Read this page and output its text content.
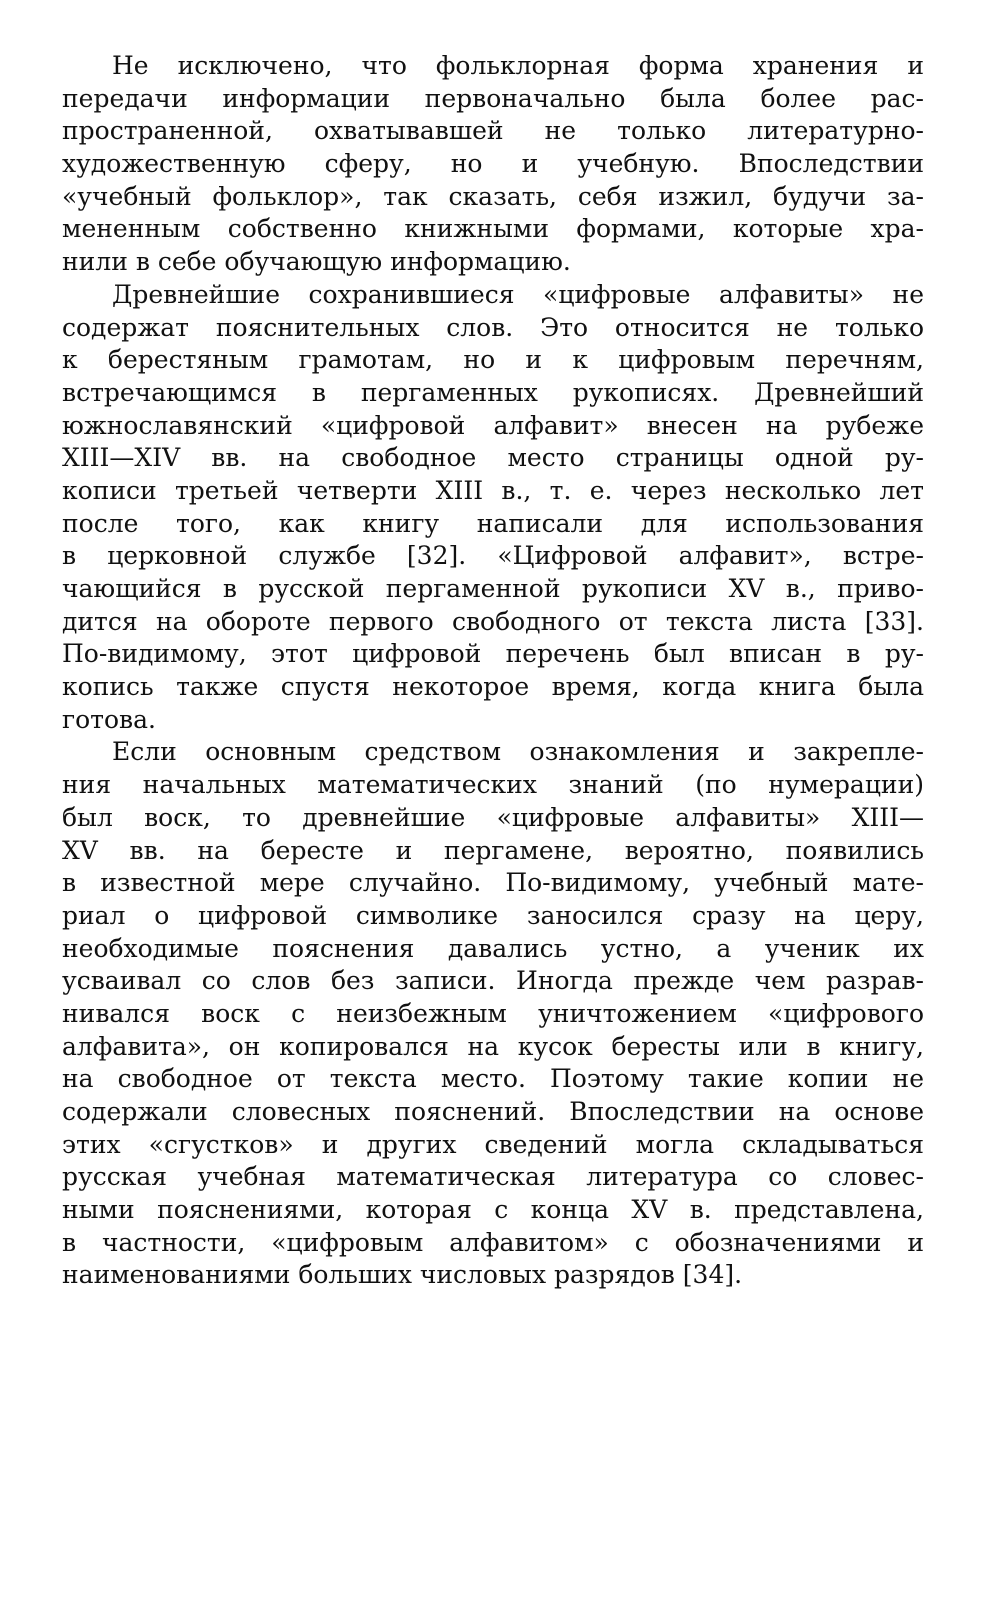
Не исключено, что фольклорная форма хранения и
передачи информации первоначально была более рас-
пространенной, охватывавшей не только литературно-
художественную сферу, но и учебную. Впоследствии
«учебный фольклор», так сказать, себя изжил, будучи за-
мененным собственно книжными формами, которые хра-
нили в себе обучающую информацию.
Древнейшие сохранившиеся «цифровые алфавиты» не
содержат пояснительных слов. Это относится не только
к берестяным грамотам, но и к цифровым перечням,
встречающимся в пергаменных рукописях. Древнейший
южнославянский «цифровой алфавит» внесен на рубеже
XIII—XIV вв. на свободное место страницы одной ру-
кописи третьей четверти XIII в., т. е. через несколько лет
после того, как книгу написали для использования
в церковной службе [32]. «Цифровой алфавит», встре-
чающийся в русской пергаменной рукописи XV в., приво-
дится на обороте первого свободного от текста листа [33].
По-видимому, этот цифровой перечень был вписан в ру-
копись также спустя некоторое время, когда книга была
готова.
Если основным средством ознакомления и закрепле-
ния начальных математических знаний (по нумерации)
был воск, то древнейшие «цифровые алфавиты» XIII—
XV вв. на бересте и пергамене, вероятно, появились
в известной мере случайно. По-видимому, учебный мате-
риал о цифровой символике заносился сразу на церу,
необходимые пояснения давались устно, а ученик их
усваивал со слов без записи. Иногда прежде чем разрав-
нивался воск с неизбежным уничтожением «цифрового
алфавита», он копировался на кусок бересты или в книгу,
на свободное от текста место. Поэтому такие копии не
содержали словесных пояснений. Впоследствии на основе
этих «сгустков» и других сведений могла складываться
русская учебная математическая литература со словес-
ными пояснениями, которая с конца XV в. представлена,
в частности, «цифровым алфавитом» с обозначениями и
наименованиями больших числовых разрядов [34].
